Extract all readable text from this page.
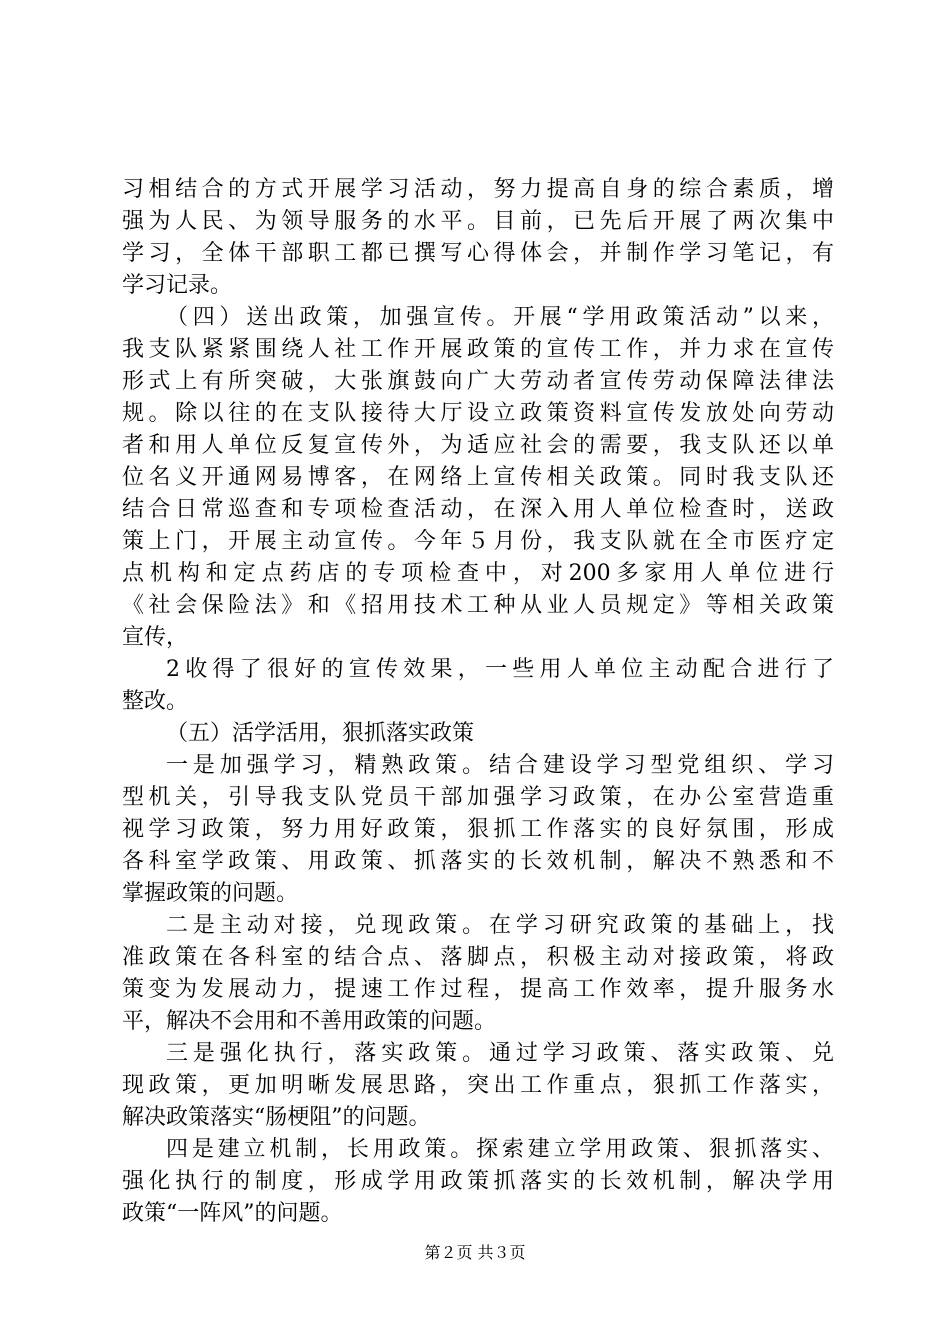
习相结合的方式开展学习活动，努力提高自身的综合素质，增
强为人民、为领导服务的水平。目前，已先后开展了两次集中
学习，全体干部职工都已撰写心得体会，并制作学习笔记，有
学习记录。
（四）送出政策，加强宣传。开展“学用政策活动”以来，
我支队紧紧围绕人社工作开展政策的宣传工作，并力求在宣传
形式上有所突破，大张旗鼓向广大劳动者宣传劳动保障法律法
规。除以往的在支队接待大厅设立政策资料宣传发放处向劳动
者和用人单位反复宣传外，为适应社会的需要，我支队还以单
位名义开通网易博客，在网络上宣传相关政策。同时我支队还
结合日常巡查和专项检查活动，在深入用人单位检查时，送政
策上门，开展主动宣传。今年５月份，我支队就在全市医疗定
点机构和定点药店的专项检查中，对200多家用人单位进行
《社会保险法》和《招用技术工种从业人员规定》等相关政策
宣传，
2收得了很好的宣传效果，一些用人单位主动配合进行了
整改。
（五）活学活用，狠抓落实政策
一是加强学习，精熟政策。结合建设学习型党组织、学习
型机关，引导我支队党员干部加强学习政策，在办公室营造重
视学习政策，努力用好政策，狠抓工作落实的良好氛围，形成
各科室学政策、用政策、抓落实的长效机制，解决不熟悉和不
掌握政策的问题。
二是主动对接，兑现政策。在学习研究政策的基础上，找
准政策在各科室的结合点、落脚点，积极主动对接政策，将政
策变为发展动力，提速工作过程，提高工作效率，提升服务水
平，解决不会用和不善用政策的问题。
三是强化执行，落实政策。通过学习政策、落实政策、兑
现政策，更加明晰发展思路，突出工作重点，狠抓工作落实，
解决政策落实“肠梗阻”的问题。
四是建立机制，长用政策。探索建立学用政策、狠抓落实、
强化执行的制度，形成学用政策抓落实的长效机制，解决学用
政策“一阵风”的问题。
第２页 共３页
